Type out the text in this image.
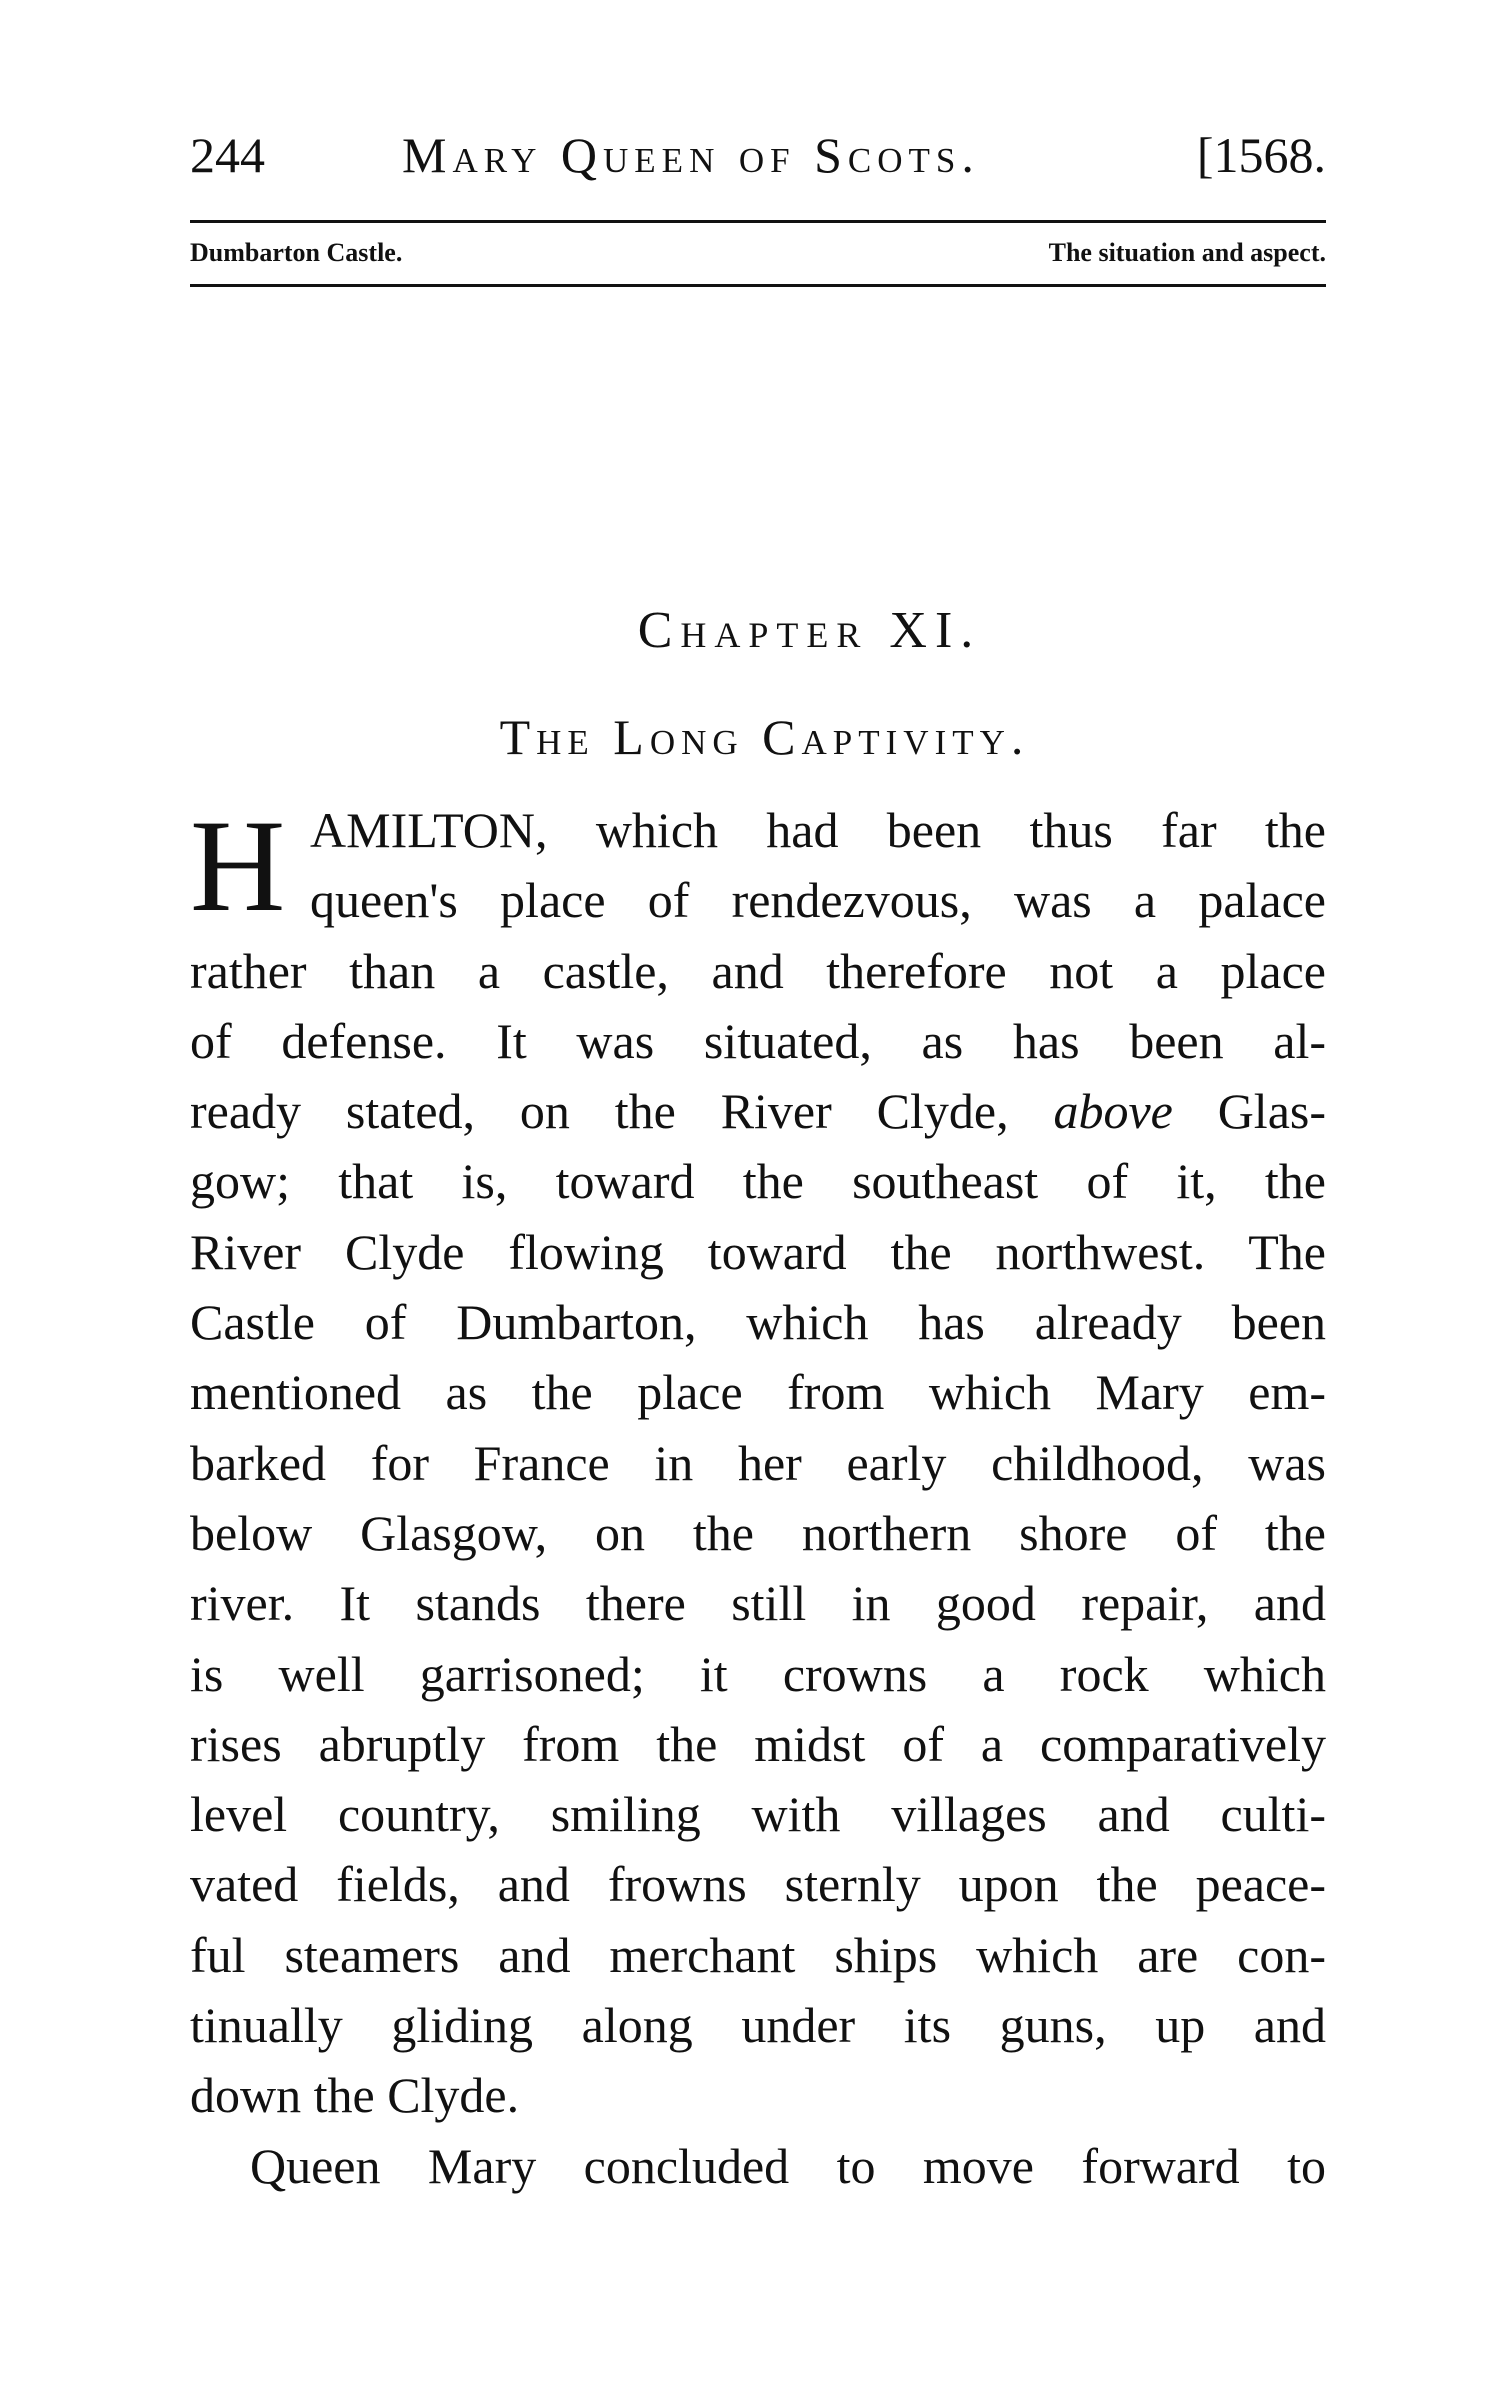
244	Mary Queen of Scots.	[1568.
Dumbarton Castle.	The situation and aspect.
Chapter XI.
The Long Captivity.
H AMILTON, which had been thus far the
queen's place of rendezvous, was a palace
rather than a castle, and therefore not a place
of defense. It was situated, as has been al-
ready stated, on the River Clyde, above Glas-
gow; that is, toward the southeast of it, the
River Clyde flowing toward the northwest. The
Castle of Dumbarton, which has already been
mentioned as the place from which Mary em-
barked for France in her early childhood, was
below Glasgow, on the northern shore of the
river. It stands there still in good repair, and
is well garrisoned; it crowns a rock which
rises abruptly from the midst of a comparatively
level country, smiling with villages and culti-
vated fields, and frowns sternly upon the peace-
ful steamers and merchant ships which are con-
tinually gliding along under its guns, up and
down the Clyde.
Queen Mary concluded to move forward to
